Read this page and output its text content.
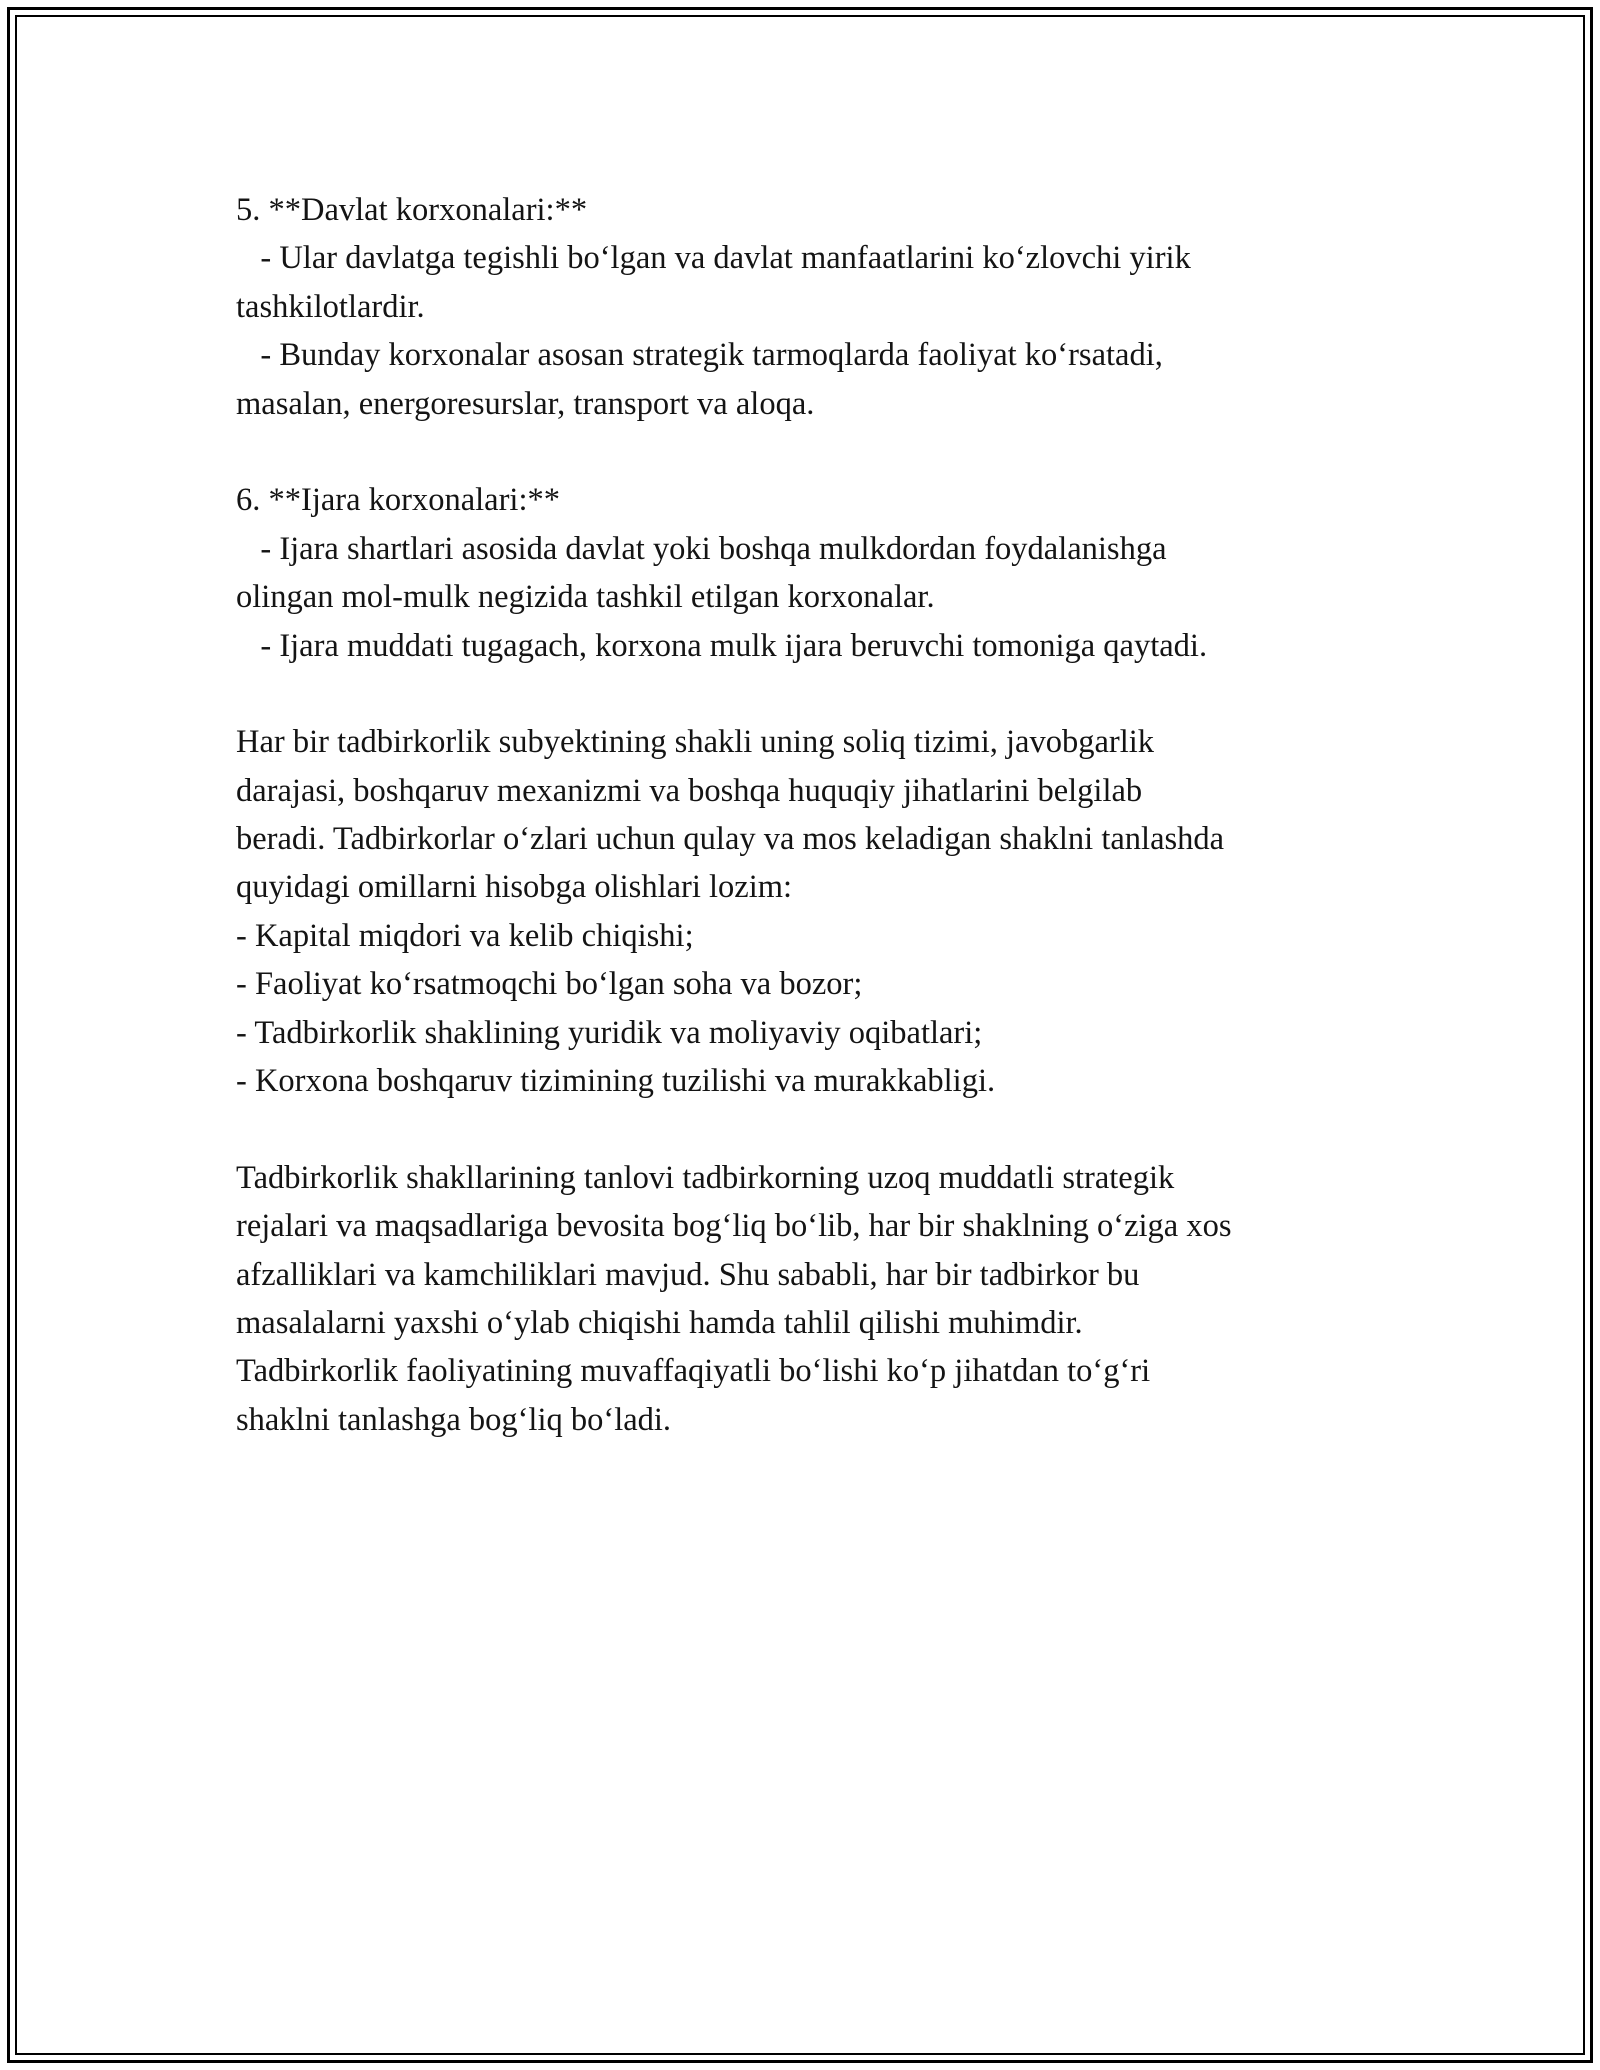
5. **Davlat korxonalari:**
- Ular davlatga tegishli bo‘lgan va davlat manfaatlarini ko‘zlovchi yirik
tashkilotlardir.
- Bunday korxonalar asosan strategik tarmoqlarda faoliyat ko‘rsatadi,
masalan, energoresurslar, transport va aloqa.
6. **Ijara korxonalari:**
- Ijara shartlari asosida davlat yoki boshqa mulkdordan foydalanishga
olingan mol-mulk negizida tashkil etilgan korxonalar.
- Ijara muddati tugagach, korxona mulk ijara beruvchi tomoniga qaytadi.
Har bir tadbirkorlik subyektining shakli uning soliq tizimi, javobgarlik
darajasi, boshqaruv mexanizmi va boshqa huquqiy jihatlarini belgilab
beradi. Tadbirkorlar o‘zlari uchun qulay va mos keladigan shaklni tanlashda
quyidagi omillarni hisobga olishlari lozim:
- Kapital miqdori va kelib chiqishi;
- Faoliyat ko‘rsatmoqchi bo‘lgan soha va bozor;
- Tadbirkorlik shaklining yuridik va moliyaviy oqibatlari;
- Korxona boshqaruv tizimining tuzilishi va murakkabligi.
Tadbirkorlik shakllarining tanlovi tadbirkorning uzoq muddatli strategik
rejalari va maqsadlariga bevosita bog‘liq bo‘lib, har bir shaklning o‘ziga xos
afzalliklari va kamchiliklari mavjud. Shu sababli, har bir tadbirkor bu
masalalarni yaxshi o‘ylab chiqishi hamda tahlil qilishi muhimdir.
Tadbirkorlik faoliyatining muvaffaqiyatli bo‘lishi ko‘p jihatdan to‘g‘ri
shaklni tanlashga bog‘liq bo‘ladi.
